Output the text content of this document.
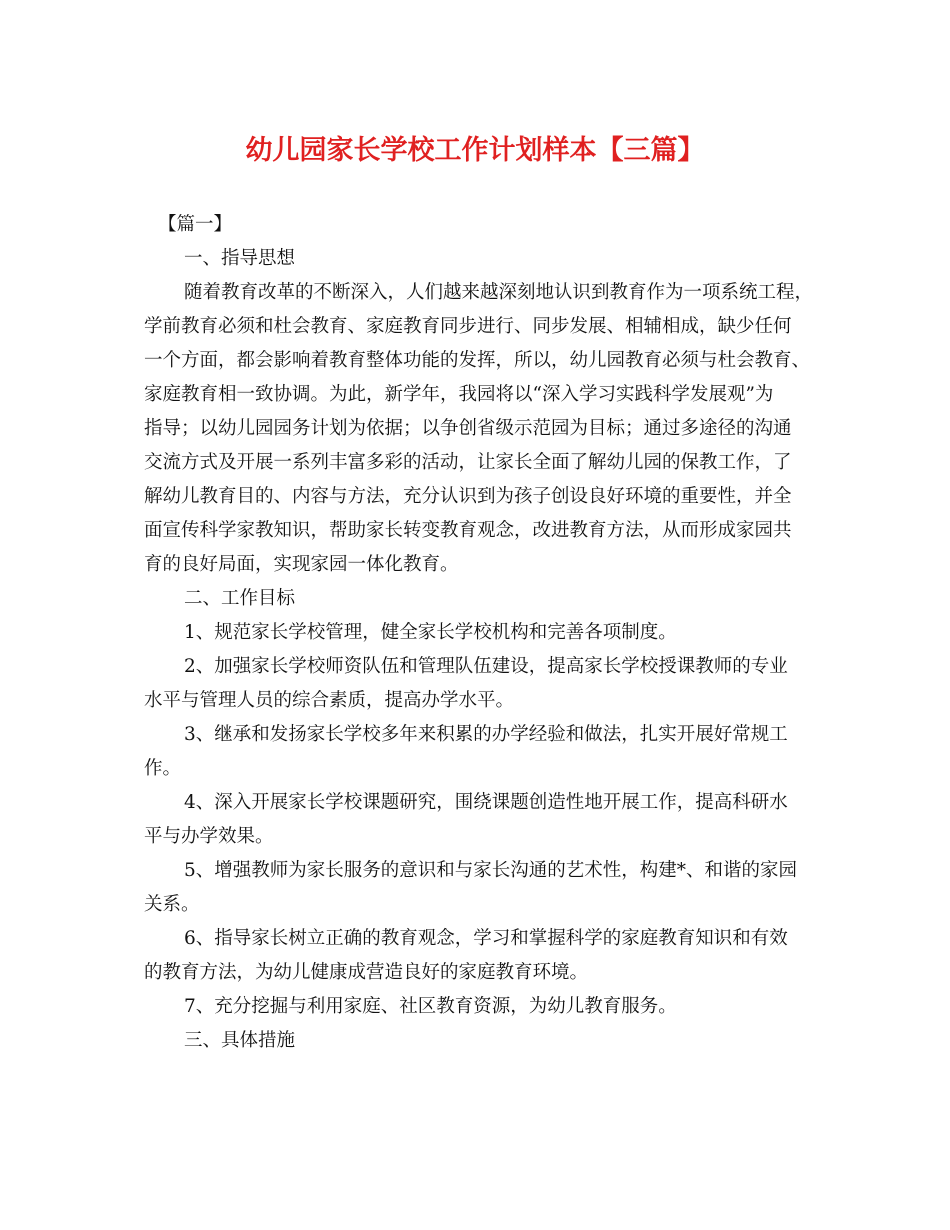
幼儿园家长学校工作计划样本【三篇】
【篇一】
一、指导思想
随着教育改革的不断深入，人们越来越深刻地认识到教育作为一项系统工程，
学前教育必须和杜会教育、家庭教育同步进行、同步发展、相辅相成，缺少任何
一个方面，都会影响着教育整体功能的发挥，所以，幼儿园教育必须与杜会教育、
家庭教育相一致协调。为此，新学年，我园将以“深入学习实践科学发展观”为
指导；以幼儿园园务计划为依据；以争创省级示范园为目标；通过多途径的沟通
交流方式及开展一系列丰富多彩的活动，让家长全面了解幼儿园的保教工作，了
解幼儿教育目的、内容与方法，充分认识到为孩子创设良好环境的重要性，并全
面宣传科学家教知识，帮助家长转变教育观念，改进教育方法，从而形成家园共
育的良好局面，实现家园一体化教育。
二、工作目标
1、规范家长学校管理，健全家长学校机构和完善各项制度。
2、加强家长学校师资队伍和管理队伍建设，提高家长学校授课教师的专业
水平与管理人员的综合素质，提高办学水平。
3、继承和发扬家长学校多年来积累的办学经验和做法，扎实开展好常规工
作。
4、深入开展家长学校课题研究，围绕课题创造性地开展工作，提高科研水
平与办学效果。
5、增强教师为家长服务的意识和与家长沟通的艺术性，构建*、和谐的家园
关系。
6、指导家长树立正确的教育观念，学习和掌握科学的家庭教育知识和有效
的教育方法，为幼儿健康成营造良好的家庭教育环境。
7、充分挖掘与利用家庭、社区教育资源，为幼儿教育服务。
三、具体措施
